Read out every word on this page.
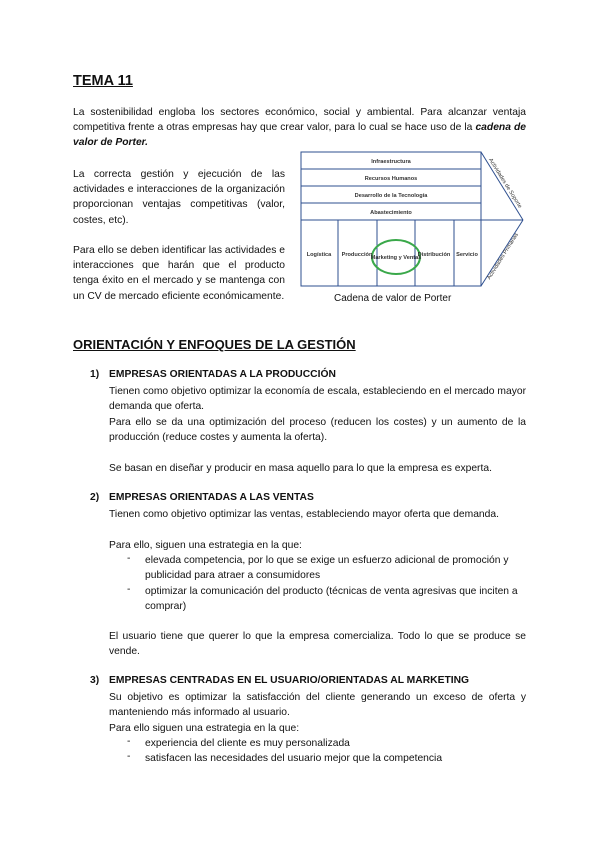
TEMA 11

La sostenibilidad engloba los sectores económico, social y ambiental. Para alcanzar ventaja competitiva frente a otras empresas hay que crear valor, para lo cual se hace uso de la cadena de valor de Porter.

La correcta gestión y ejecución de las actividades e interacciones de la organización proporcionan ventajas competitivas (valor, costes, etc).

Para ello se deben identificar las actividades e interacciones que harán que el producto tenga éxito en el mercado y se mantenga con un CV de mercado eficiente económicamente.

Infraestructura
Recursos Humanos
Desarrollo de la Tecnología
Abastecimiento
Logística Producción
Marketing y Ventas
Distribución Servicio
Actividades de Soporte
Actividades Primarias

Cadena de valor de Porter

ORIENTACIÓN Y ENFOQUES DE LA GESTIÓN
1) EMPRESAS ORIENTADAS A LA PRODUCCIÓN

Tienen como objetivo optimizar la economía de escala, estableciendo en el mercado mayor demanda que oferta.

Para ello se da una optimización del proceso (reducen los costes) y un aumento de la producción (reduce costes y aumenta la oferta).

Se basan en diseñar y producir en masa aquello para lo que la empresa es experta.

2) EMPRESAS ORIENTADAS A LAS VENTAS

Tienen como objetivo optimizar las ventas, estableciendo mayor oferta que demanda.

Para ello, siguen una estrategia en la que:

- elevada competencia, por lo que se exige un esfuerzo adicional de promoción y publicidad para atraer a consumidores

- optimizar la comunicación del producto (técnicas de venta agresivas que inciten a comprar)

El usuario tiene que querer lo que la empresa comercializa. Todo lo que se produce se vende.

3) EMPRESAS CENTRADAS EN EL USUARIO/ORIENTADAS AL MARKETING

Su objetivo es optimizar la satisfacción del cliente generando un exceso de oferta y manteniendo más informado al usuario.

Para ello siguen una estrategia en la que:

- experiencia del cliente es muy personalizada

- satisfacen las necesidades del usuario mejor que la competencia
